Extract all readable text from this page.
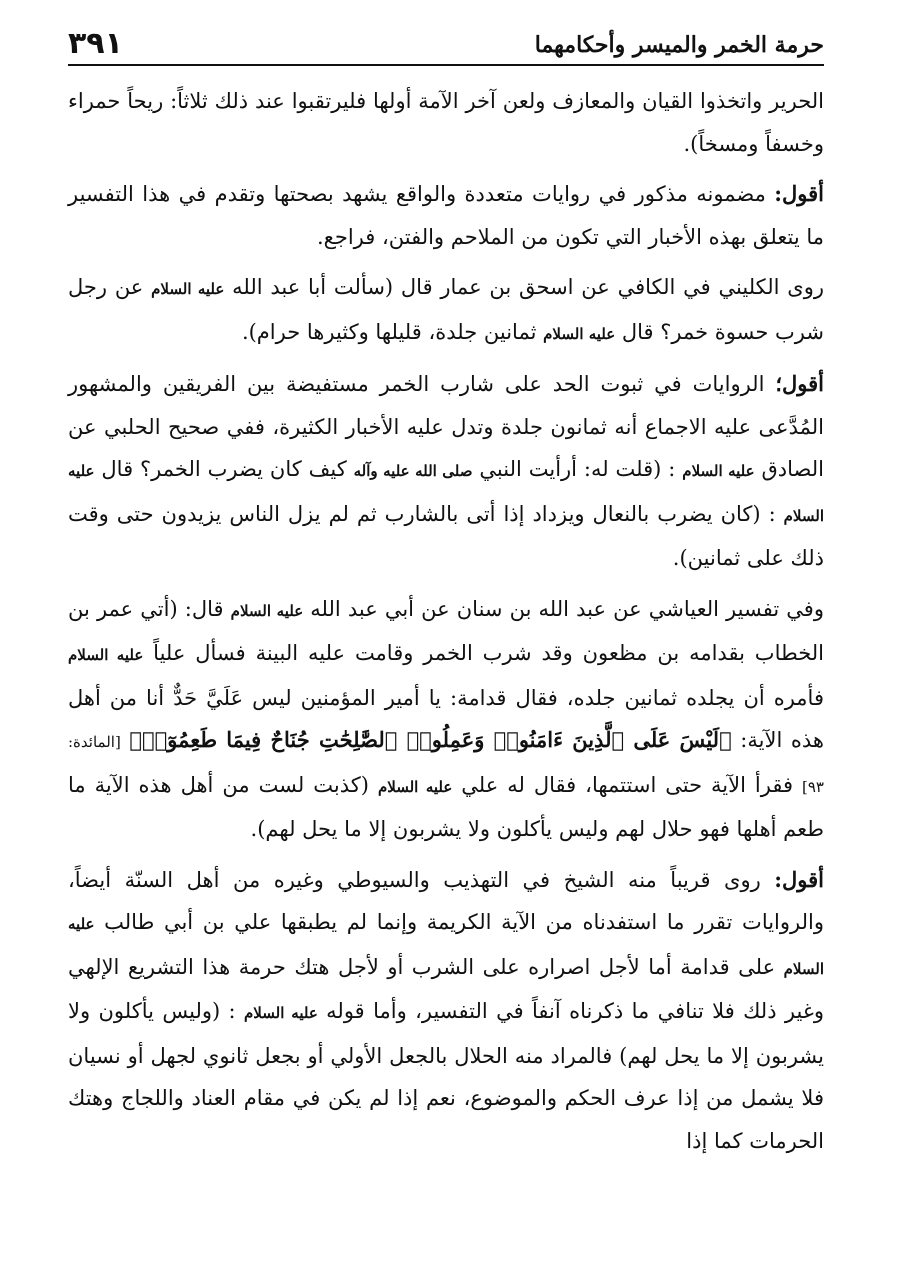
حرمة الخمر والميسر وأحكامهما
٣٩١

الحرير واتخذوا القيان والمعازف ولعن آخر الآمة أولها فليرتقبوا عند ذلك ثلاثاً: ريحاً حمراء وخسفاً ومسخاً).

أقول: مضمونه مذكور في روايات متعددة والواقع يشهد بصحتها وتقدم في هذا التفسير ما يتعلق بهذه الأخبار التي تكون من الملاحم والفتن، فراجع.

روى الكليني في الكافي عن اسحق بن عمار قال (سألت أبا عبد الله عليه السلام عن رجل شرب حسوة خمر؟ قال عليه السلام ثمانين جلدة، قليلها وكثيرها حرام).

أقول؛ الروايات في ثبوت الحد على شارب الخمر مستفيضة بين الفريقين والمشهور المُدَّعى عليه الاجماع أنه ثمانون جلدة وتدل عليه الأخبار الكثيرة، ففي صحيح الحلبي عن الصادق عليه السلام : (قلت له: أرأيت النبي صلى الله عليه وآله كيف كان يضرب الخمر؟ قال عليه السلام : (كان يضرب بالنعال ويزداد إذا أتى بالشارب ثم لم يزل الناس يزيدون حتى وقت ذلك على ثمانين).

وفي تفسير العياشي عن عبد الله بن سنان عن أبي عبد الله عليه السلام قال: (أتي عمر بن الخطاب بقدامه بن مظعون وقد شرب الخمر وقامت عليه البينة فسأل علياً عليه السلام فأمره أن يجلده ثمانين جلده، فقال قدامة: يا أمير المؤمنين ليس عَلَيَّ حَدٌّ أنا من أهل هذه الآية: ﴿لَيْسَ عَلَى ٱلَّذِينَ ءَامَنُوا۟ وَعَمِلُوا۟ ٱلصَّٰلِحَٰتِ جُنَاحٌ فِيمَا طَعِمُوٓا۟﴾ [المائدة: ٩٣] فقرأ الآية حتى استتمها، فقال له علي عليه السلام (كذبت لست من أهل هذه الآية ما طعم أهلها فهو حلال لهم وليس يأكلون ولا يشربون إلا ما يحل لهم).

أقول: روى قريباً منه الشيخ في التهذيب والسيوطي وغيره من أهل السنّة أيضاً، والروايات تقرر ما استفدناه من الآية الكريمة وإنما لم يطبقها علي بن أبي طالب عليه السلام على قدامة أما لأجل اصراره على الشرب أو لأجل هتك حرمة هذا التشريع الإلهي وغير ذلك فلا تنافي ما ذكرناه آنفاً في التفسير، وأما قوله عليه السلام : (وليس يأكلون ولا يشربون إلا ما يحل لهم) فالمراد منه الحلال بالجعل الأولي أو بجعل ثانوي لجهل أو نسيان فلا يشمل من إذا عرف الحكم والموضوع، نعم إذا لم يكن في مقام العناد واللجاج وهتك الحرمات كما إذا
